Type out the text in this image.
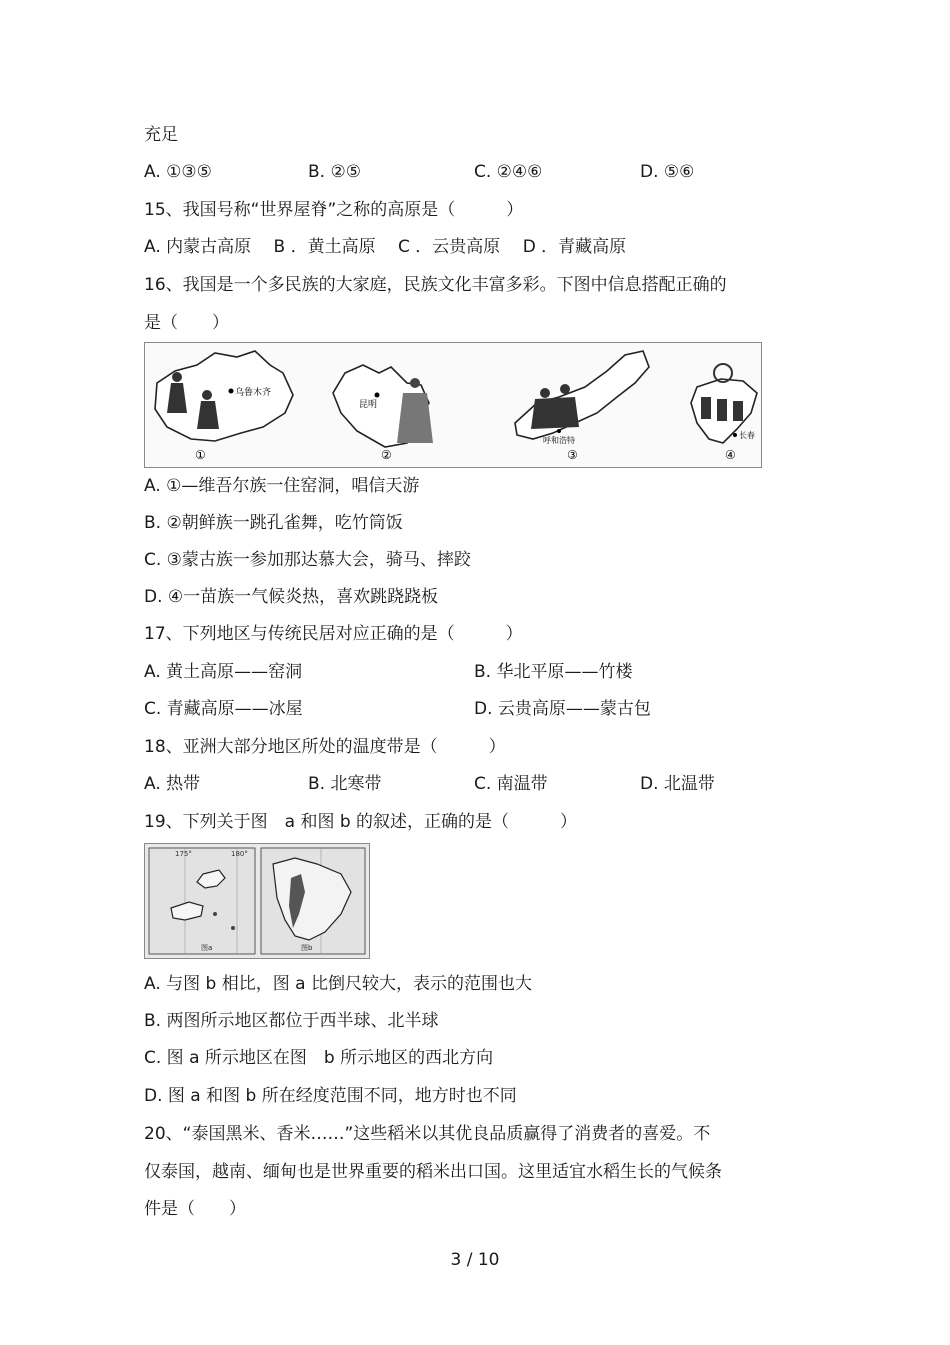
充足
A. ①③⑤	B. ②⑤	C. ②④⑥	D. ⑤⑥
15、我国号称“世界屋脊”之称的高原是（　　　）
A. 内蒙古高原　 B ．黄土高原　 C ．云贵高原　 D ．青藏高原
16、我国是一个多民族的大家庭，民族文化丰富多彩。下图中信息搭配正确的
是（　　）
乌鲁木齐
①
昆明
②
呼和浩特
③
长春
④
A. ①—维吾尔族一住窑洞，唱信天游
B. ②朝鲜族一跳孔雀舞，吃竹筒饭
C. ③蒙古族一参加那达慕大会，骑马、摔跤
D. ④一苗族一气候炎热，喜欢跳跷跷板
17、下列地区与传统民居对应正确的是（　　　）
A. 黄土高原——窑洞	B. 华北平原——竹楼
C. 青藏高原——冰屋	D. 云贵高原——蒙古包
18、亚洲大部分地区所处的温度带是（　　　）
A. 热带	B. 北寒带	C. 南温带	D. 北温带
19、下列关于图　a 和图 b 的叙述，正确的是（　　　）
175°	180°
图a	图b
A. 与图 b 相比，图 a 比倒尺较大，表示的范围也大
B. 两图所示地区都位于西半球、北半球
C. 图 a 所示地区在图　b 所示地区的西北方向
D. 图 a 和图 b 所在经度范围不同，地方时也不同
20、“泰国黑米、香米……”这些稻米以其优良品质赢得了消费者的喜爱。不
仅泰国，越南、缅甸也是世界重要的稻米出口国。这里适宜水稻生长的气候条
件是（　　）
3 / 10
